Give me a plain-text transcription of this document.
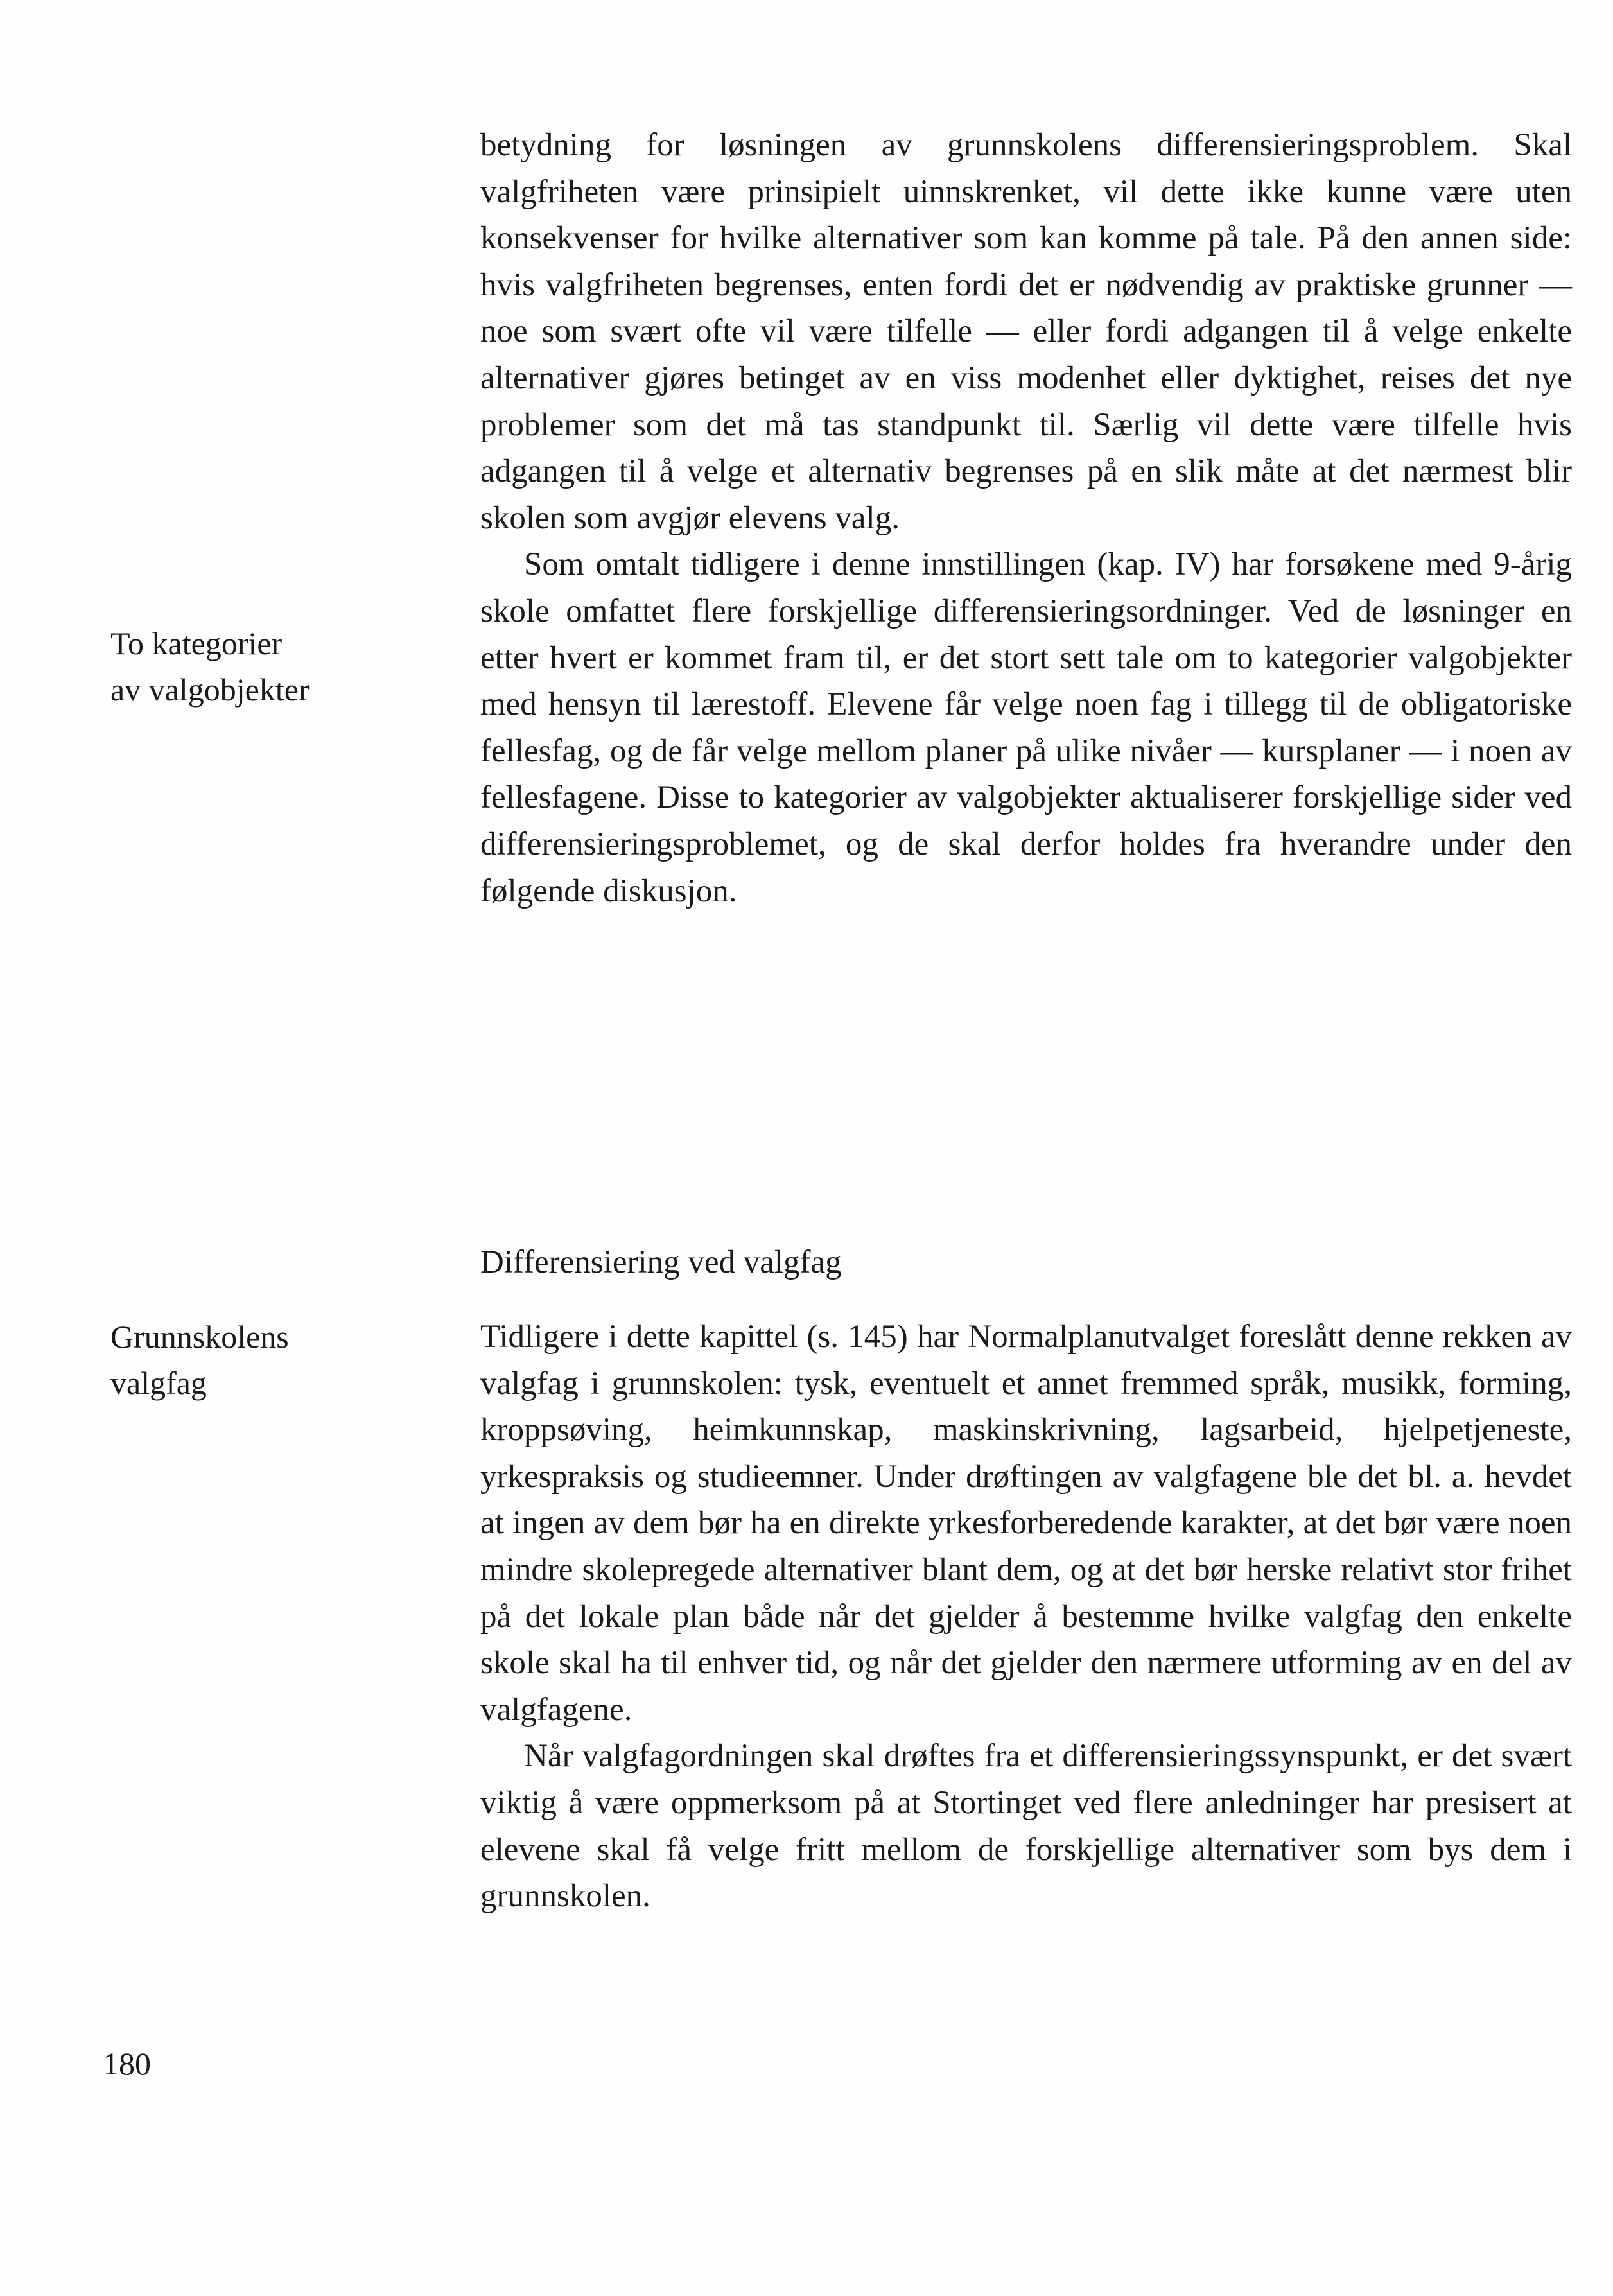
To kategorier
av valgobjekter

betydning for løsningen av grunnskolens differensieringsproblem. Skal valgfriheten være prinsipielt uinnskrenket, vil dette ikke kunne være uten konsekvenser for hvilke alternativer som kan komme på tale. På den annen side: hvis valgfriheten begrenses, enten fordi det er nødvendig av praktiske grunner — noe som svært ofte vil være tilfelle — eller fordi adgangen til å velge enkelte alternativer gjøres betinget av en viss modenhet eller dyktighet, reises det nye problemer som det må tas standpunkt til. Særlig vil dette være tilfelle hvis adgangen til å velge et alternativ begrenses på en slik måte at det nærmest blir skolen som avgjør elevens valg.

Som omtalt tidligere i denne innstillingen (kap. IV) har forsøkene med 9-årig skole omfattet flere forskjellige differensieringsordninger. Ved de løsninger en etter hvert er kommet fram til, er det stort sett tale om to kategorier valgobjekter med hensyn til lærestoff. Elevene får velge noen fag i tillegg til de obligatoriske fellesfag, og de får velge mellom planer på ulike nivåer — kursplaner — i noen av fellesfagene. Disse to kategorier av valgobjekter aktualiserer forskjellige sider ved differensieringsproblemet, og de skal derfor holdes fra hverandre under den følgende diskusjon.

Differensiering ved valgfag
Grunnskolens
valgfag

Tidligere i dette kapittel (s. 145) har Normalplanutvalget foreslått denne rekken av valgfag i grunnskolen: tysk, eventuelt et annet fremmed språk, musikk, forming, kroppsøving, heimkunnskap, maskinskrivning, lagsarbeid, hjelpetjeneste, yrkespraksis og studieemner. Under drøftingen av valgfagene ble det bl. a. hevdet at ingen av dem bør ha en direkte yrkesforberedende karakter, at det bør være noen mindre skolepregede alternativer blant dem, og at det bør herske relativt stor frihet på det lokale plan både når det gjelder å bestemme hvilke valgfag den enkelte skole skal ha til enhver tid, og når det gjelder den nærmere utforming av en del av valgfagene.

Når valgfagordningen skal drøftes fra et differensieringssynspunkt, er det svært viktig å være oppmerksom på at Stortinget ved flere anledninger har presisert at elevene skal få velge fritt mellom de forskjellige alternativer som bys dem i grunnskolen.

180
